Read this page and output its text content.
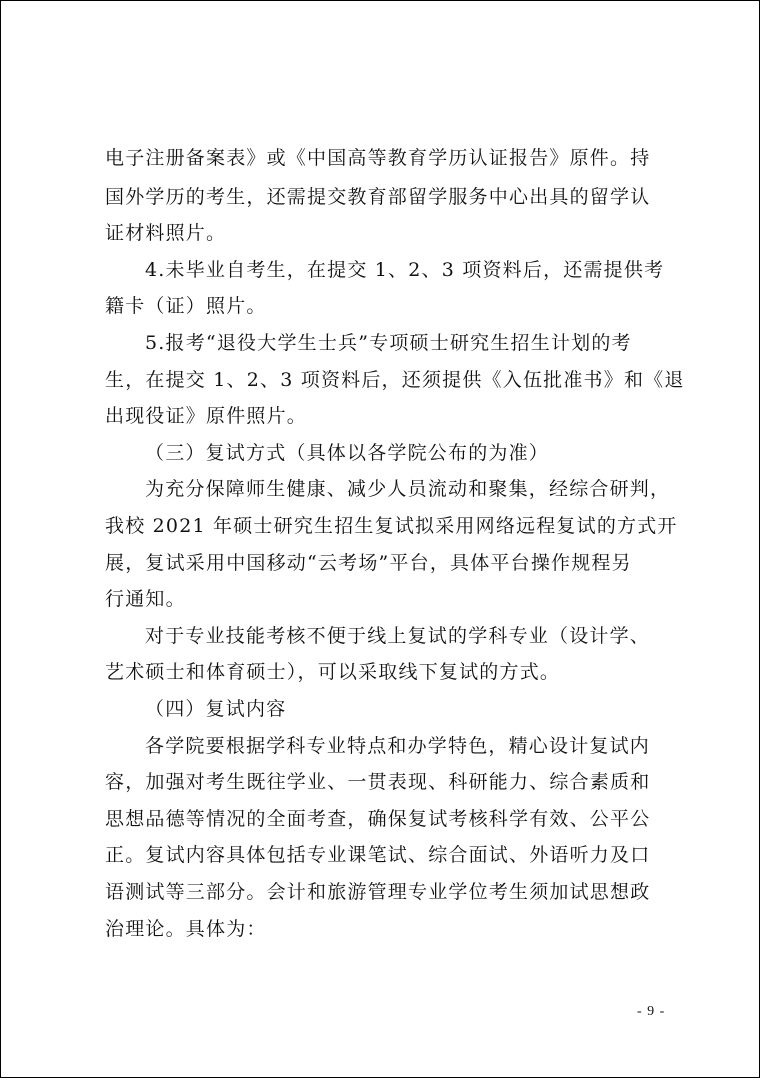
电子注册备案表》或《中国高等教育学历认证报告》原件。持
国外学历的考生，还需提交教育部留学服务中心出具的留学认
证材料照片。
4.未毕业自考生，在提交 1、2、3 项资料后，还需提供考
籍卡（证）照片。
5.报考“退役大学生士兵”专项硕士研究生招生计划的考
生，在提交 1、2、3 项资料后，还须提供《入伍批准书》和《退
出现役证》原件照片。
（三）复试方式（具体以各学院公布的为准）
为充分保障师生健康、减少人员流动和聚集，经综合研判，
我校 2021 年硕士研究生招生复试拟采用网络远程复试的方式开
展，复试采用中国移动“云考场”平台，具体平台操作规程另
行通知。
对于专业技能考核不便于线上复试的学科专业（设计学、
艺术硕士和体育硕士），可以采取线下复试的方式。
（四）复试内容
各学院要根据学科专业特点和办学特色，精心设计复试内
容，加强对考生既往学业、一贯表现、科研能力、综合素质和
思想品德等情况的全面考查，确保复试考核科学有效、公平公
正。复试内容具体包括专业课笔试、综合面试、外语听力及口
语测试等三部分。会计和旅游管理专业学位考生须加试思想政
治理论。具体为：
- 9 -
